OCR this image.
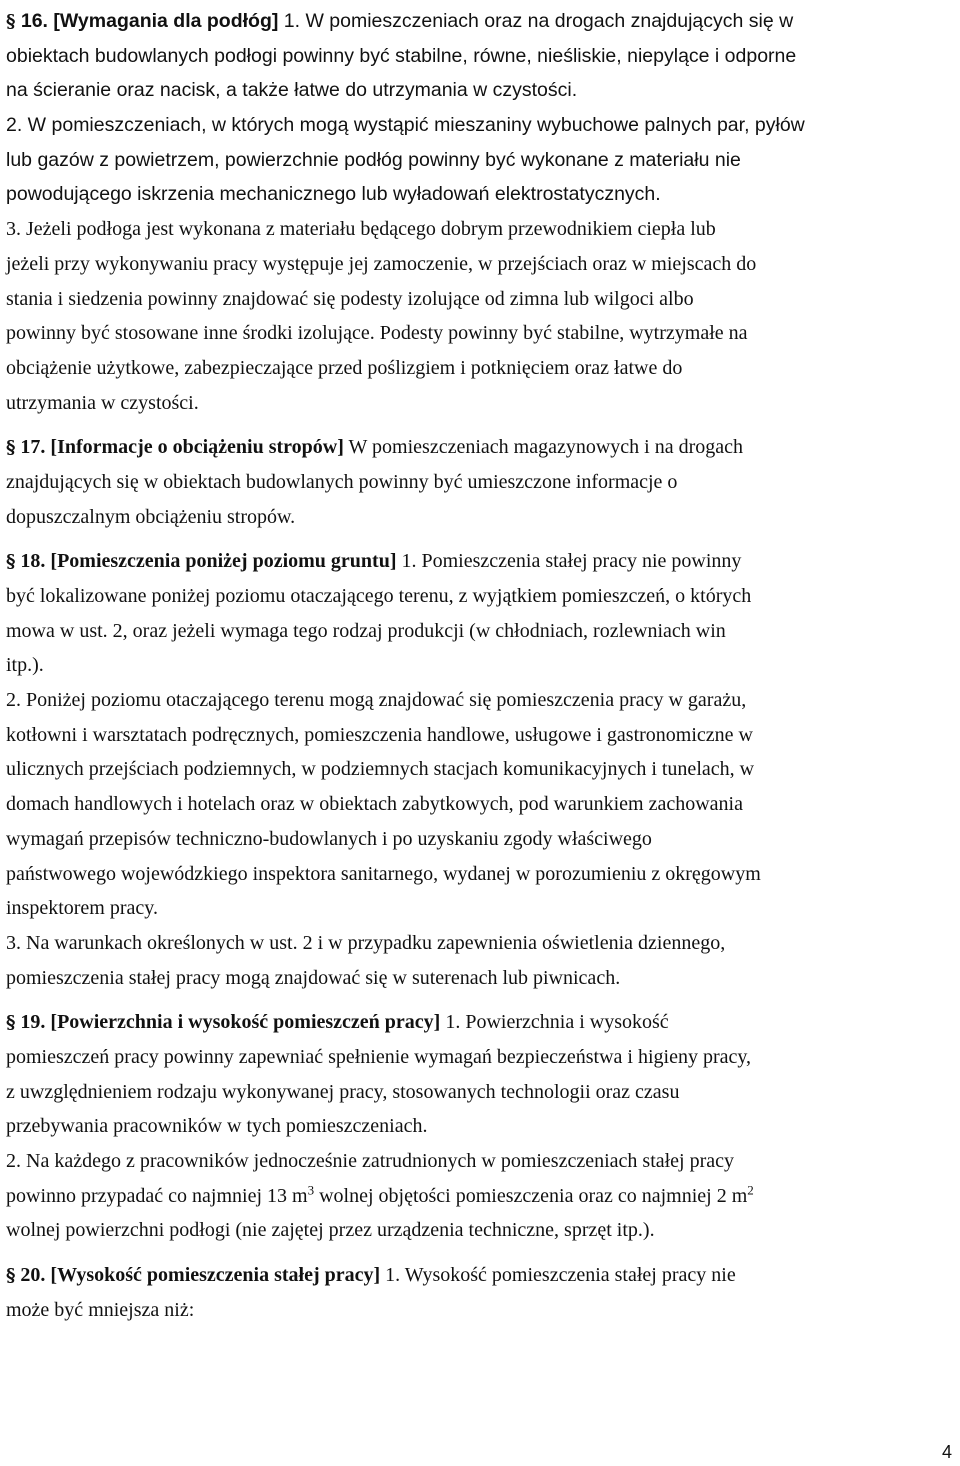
§ 16. [Wymagania dla podłóg] 1. W pomieszczeniach oraz na drogach znajdujących się w
obiektach budowlanych podłogi powinny być stabilne, równe, nieśliskie, niepylące i odporne
na ścieranie oraz nacisk, a także łatwe do utrzymania w czystości.
2. W pomieszczeniach, w których mogą wystąpić mieszaniny wybuchowe palnych par, pyłów
lub gazów z powietrzem, powierzchnie podłóg powinny być wykonane z materiału nie
powodującego iskrzenia mechanicznego lub wyładowań elektrostatycznych.
3. Jeżeli podłoga jest wykonana z materiału będącego dobrym przewodnikiem ciepła lub
jeżeli przy wykonywaniu pracy występuje jej zamoczenie, w przejściach oraz w miejscach do
stania i siedzenia powinny znajdować się podesty izolujące od zimna lub wilgoci albo
powinny być stosowane inne środki izolujące. Podesty powinny być stabilne, wytrzymałe na
obciążenie użytkowe, zabezpieczające przed poślizgiem i potknięciem oraz łatwe do
utrzymania w czystości.
§ 17. [Informacje o obciążeniu stropów] W pomieszczeniach magazynowych i na drogach
znajdujących się w obiektach budowlanych powinny być umieszczone informacje o
dopuszczalnym obciążeniu stropów.
§ 18. [Pomieszczenia poniżej poziomu gruntu] 1. Pomieszczenia stałej pracy nie powinny
być lokalizowane poniżej poziomu otaczającego terenu, z wyjątkiem pomieszczeń, o których
mowa w ust. 2, oraz jeżeli wymaga tego rodzaj produkcji (w chłodniach, rozlewniach win
itp.).
2. Poniżej poziomu otaczającego terenu mogą znajdować się pomieszczenia pracy w garażu,
kotłowni i warsztatach podręcznych, pomieszczenia handlowe, usługowe i gastronomiczne w
ulicznych przejściach podziemnych, w podziemnych stacjach komunikacyjnych i tunelach, w
domach handlowych i hotelach oraz w obiektach zabytkowych, pod warunkiem zachowania
wymagań przepisów techniczno-budowlanych i po uzyskaniu zgody właściwego
państwowego wojewódzkiego inspektora sanitarnego, wydanej w porozumieniu z okręgowym
inspektorem pracy.
3. Na warunkach określonych w ust. 2 i w przypadku zapewnienia oświetlenia dziennego,
pomieszczenia stałej pracy mogą znajdować się w suterenach lub piwnicach.
§ 19. [Powierzchnia i wysokość pomieszczeń pracy] 1. Powierzchnia i wysokość
pomieszczeń pracy powinny zapewniać spełnienie wymagań bezpieczeństwa i higieny pracy,
z uwzględnieniem rodzaju wykonywanej pracy, stosowanych technologii oraz czasu
przebywania pracowników w tych pomieszczeniach.
2. Na każdego z pracowników jednocześnie zatrudnionych w pomieszczeniach stałej pracy
powinno przypadać co najmniej 13 $m^3$ wolnej objętości pomieszczenia oraz co najmniej 2 $m^2$
wolnej powierzchni podłogi (nie zajętej przez urządzenia techniczne, sprzęt itp.).
§ 20. [Wysokość pomieszczenia stałej pracy] 1. Wysokość pomieszczenia stałej pracy nie
może być mniejsza niż:
4
